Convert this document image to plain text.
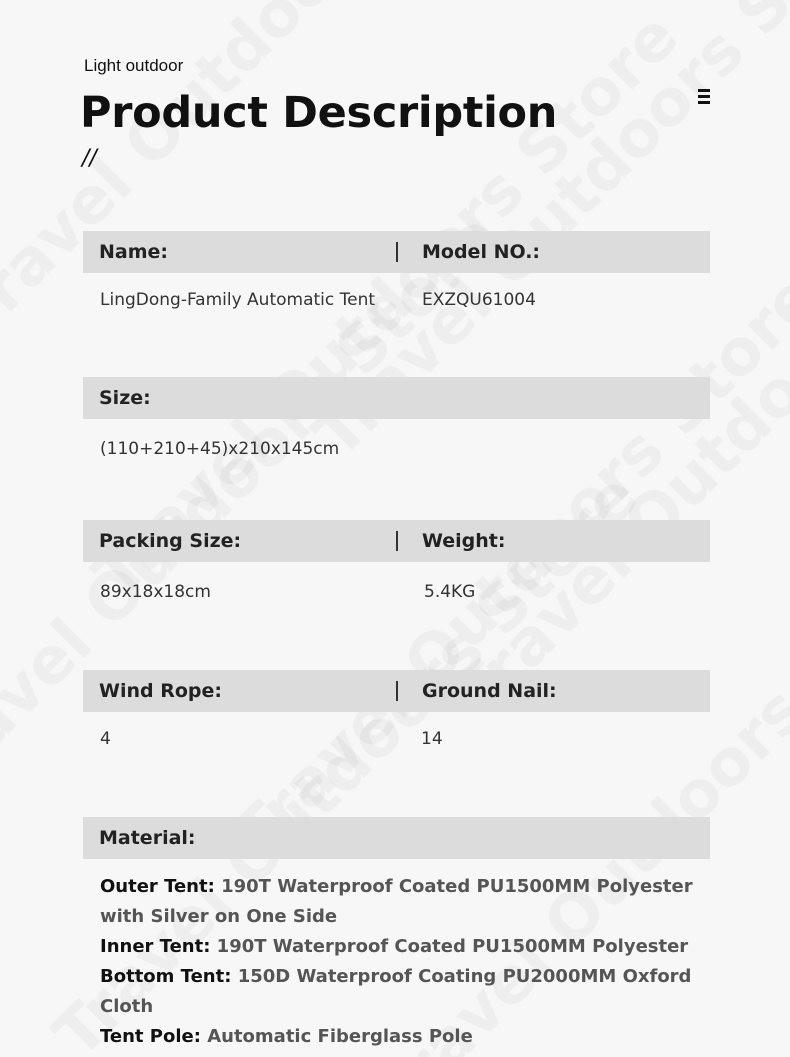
Light outdoor
Product Description
//
Name:	Model NO.:
LingDong-Family Automatic Tent	EXZQU61004
Size:
(110+210+45)x210x145cm
Packing Size:	Weight:
89x18x18cm	5.4KG
Wind Rope:	Ground Nail:
4	14
Material:
Outer Tent: 190T Waterproof Coated PU1500MM Polyester
with Silver on One Side
Inner Tent: 190T Waterproof Coated PU1500MM Polyester
Bottom Tent: 150D Waterproof Coating PU2000MM Oxford Cloth
Tent Pole: Automatic Fiberglass Pole
